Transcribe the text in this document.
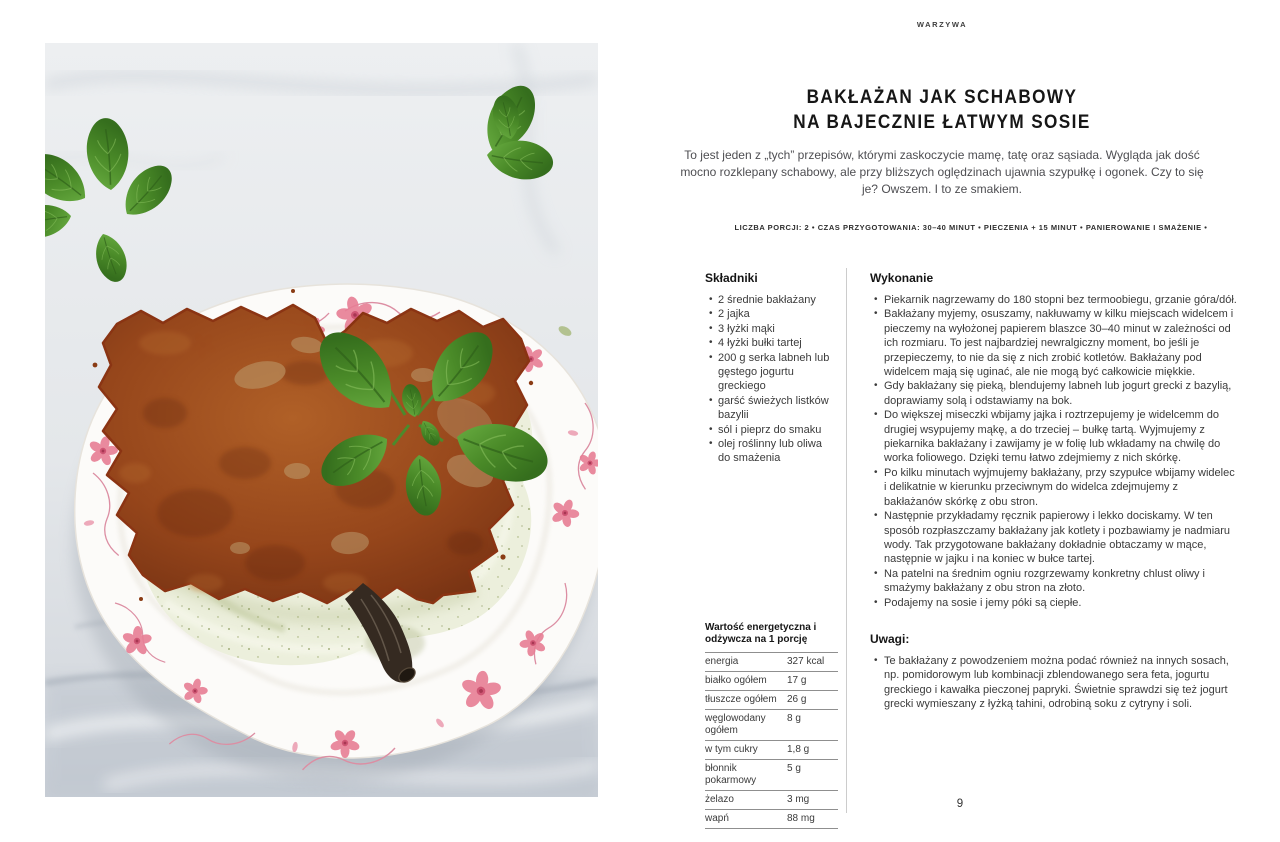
WARZYWA
BAKŁAŻAN JAK SCHABOWY
NA BAJECZNIE ŁATWYM SOSIE
To jest jeden z „tych” przepisów, którymi zaskoczycie mamę, tatę oraz sąsiada. Wygląda jak dość mocno rozklepany schabowy, ale przy bliższych oględzinach ujawnia szypułkę i ogonek. Czy to się je? Owszem. I to ze smakiem.
LICZBA PORCJI: 2 • CZAS PRZYGOTOWANIA: 30–40 MINUT • PIECZENIA + 15 MINUT • PANIEROWANIE I SMAŻENIE •
Składniki
• 2 średnie bakłażany
• 2 jajka
• 3 łyżki mąki
• 4 łyżki bułki tartej
• 200 g serka labneh lub gęstego jogurtu greckiego
• garść świeżych listków bazylii
• sól i pieprz do smaku
• olej roślinny lub oliwa do smażenia
Wartość energetyczna i odżywcza na 1 porcję
energia	327 kcal
białko ogółem	17 g
tłuszcze ogółem	26 g
węglowodany ogółem	8 g
w tym cukry	1,8 g
błonnik pokarmowy	5 g
żelazo	3 mg
wapń	88 mg
Wykonanie
• Piekarnik nagrzewamy do 180 stopni bez termoobiegu, grzanie góra/dół.
• Bakłażany myjemy, osuszamy, nakłuwamy w kilku miejscach widelcem i pieczemy na wyłożonej papierem blaszce 30–40 minut w zależności od ich rozmiaru. To jest najbardziej newralgiczny moment, bo jeśli je przepieczemy, to nie da się z nich zrobić kotletów. Bakłażany pod widelcem mają się uginać, ale nie mogą być całkowicie miękkie.
• Gdy bakłażany się pieką, blendujemy labneh lub jogurt grecki z bazylią, doprawiamy solą i odstawiamy na bok.
• Do większej miseczki wbijamy jajka i roztrzepujemy je widelcemm do drugiej wsypujemy mąkę, a do trzeciej – bułkę tartą. Wyjmujemy z piekarnika bakłażany i zawijamy je w folię lub wkładamy na chwilę do worka foliowego. Dzięki temu łatwo zdejmiemy z nich skórkę.
• Po kilku minutach wyjmujemy bakłażany, przy szypułce wbijamy widelec i delikatnie w kierunku przeciwnym do widelca zdejmujemy z bakłażanów skórkę z obu stron.
• Następnie przykładamy ręcznik papierowy i lekko dociskamy. W ten sposób rozpłaszczamy bakłażany jak kotlety i pozbawiamy je nadmiaru wody. Tak przygotowane bakłażany dokładnie obtaczamy w mące, następnie w jajku i na koniec w bułce tartej.
• Na patelni na średnim ogniu rozgrzewamy konkretny chlust oliwy i smażymy bakłażany z obu stron na złoto.
• Podajemy na sosie i jemy póki są ciepłe.
Uwagi:
• Te bakłażany z powodzeniem można podać również na innych sosach, np. pomidorowym lub kombinacji zblendowanego sera feta, jogurtu greckiego i kawałka pieczonej papryki. Świetnie sprawdzi się też jogurt grecki wymieszany z łyżką tahini, odrobiną soku z cytryny i soli.
9
